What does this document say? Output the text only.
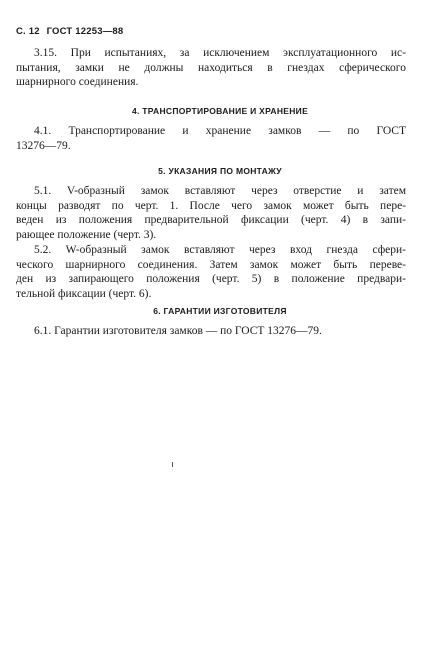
С. 12 ГОСТ 12253—88
3.15. При испытаниях, за исключением эксплуатационного ис-
пытания, замки не должны находиться в гнездах сферического
шарнирного соединения.
4. ТРАНСПОРТИРОВАНИЕ И ХРАНЕНИЕ
4.1. Транспортирование и хранение замков — по ГОСТ
13276—79.
5. УКАЗАНИЯ ПО МОНТАЖУ
5.1. V-образный замок вставляют через отверстие и затем
концы разводят по черт. 1. После чего замок может быть пере-
веден из положения предварительной фиксации (черт. 4) в запи-
рающее положение (черт. 3).
5.2. W-образный замок вставляют через вход гнезда сфери-
ческого шарнирного соединения. Затем замок может быть переве-
ден из запирающего положения (черт. 5) в положение предвари-
тельной фиксации (черт. 6).
6. ГАРАНТИИ ИЗГОТОВИТЕЛЯ
6.1. Гарантии изготовителя замков — по ГОСТ 13276—79.
